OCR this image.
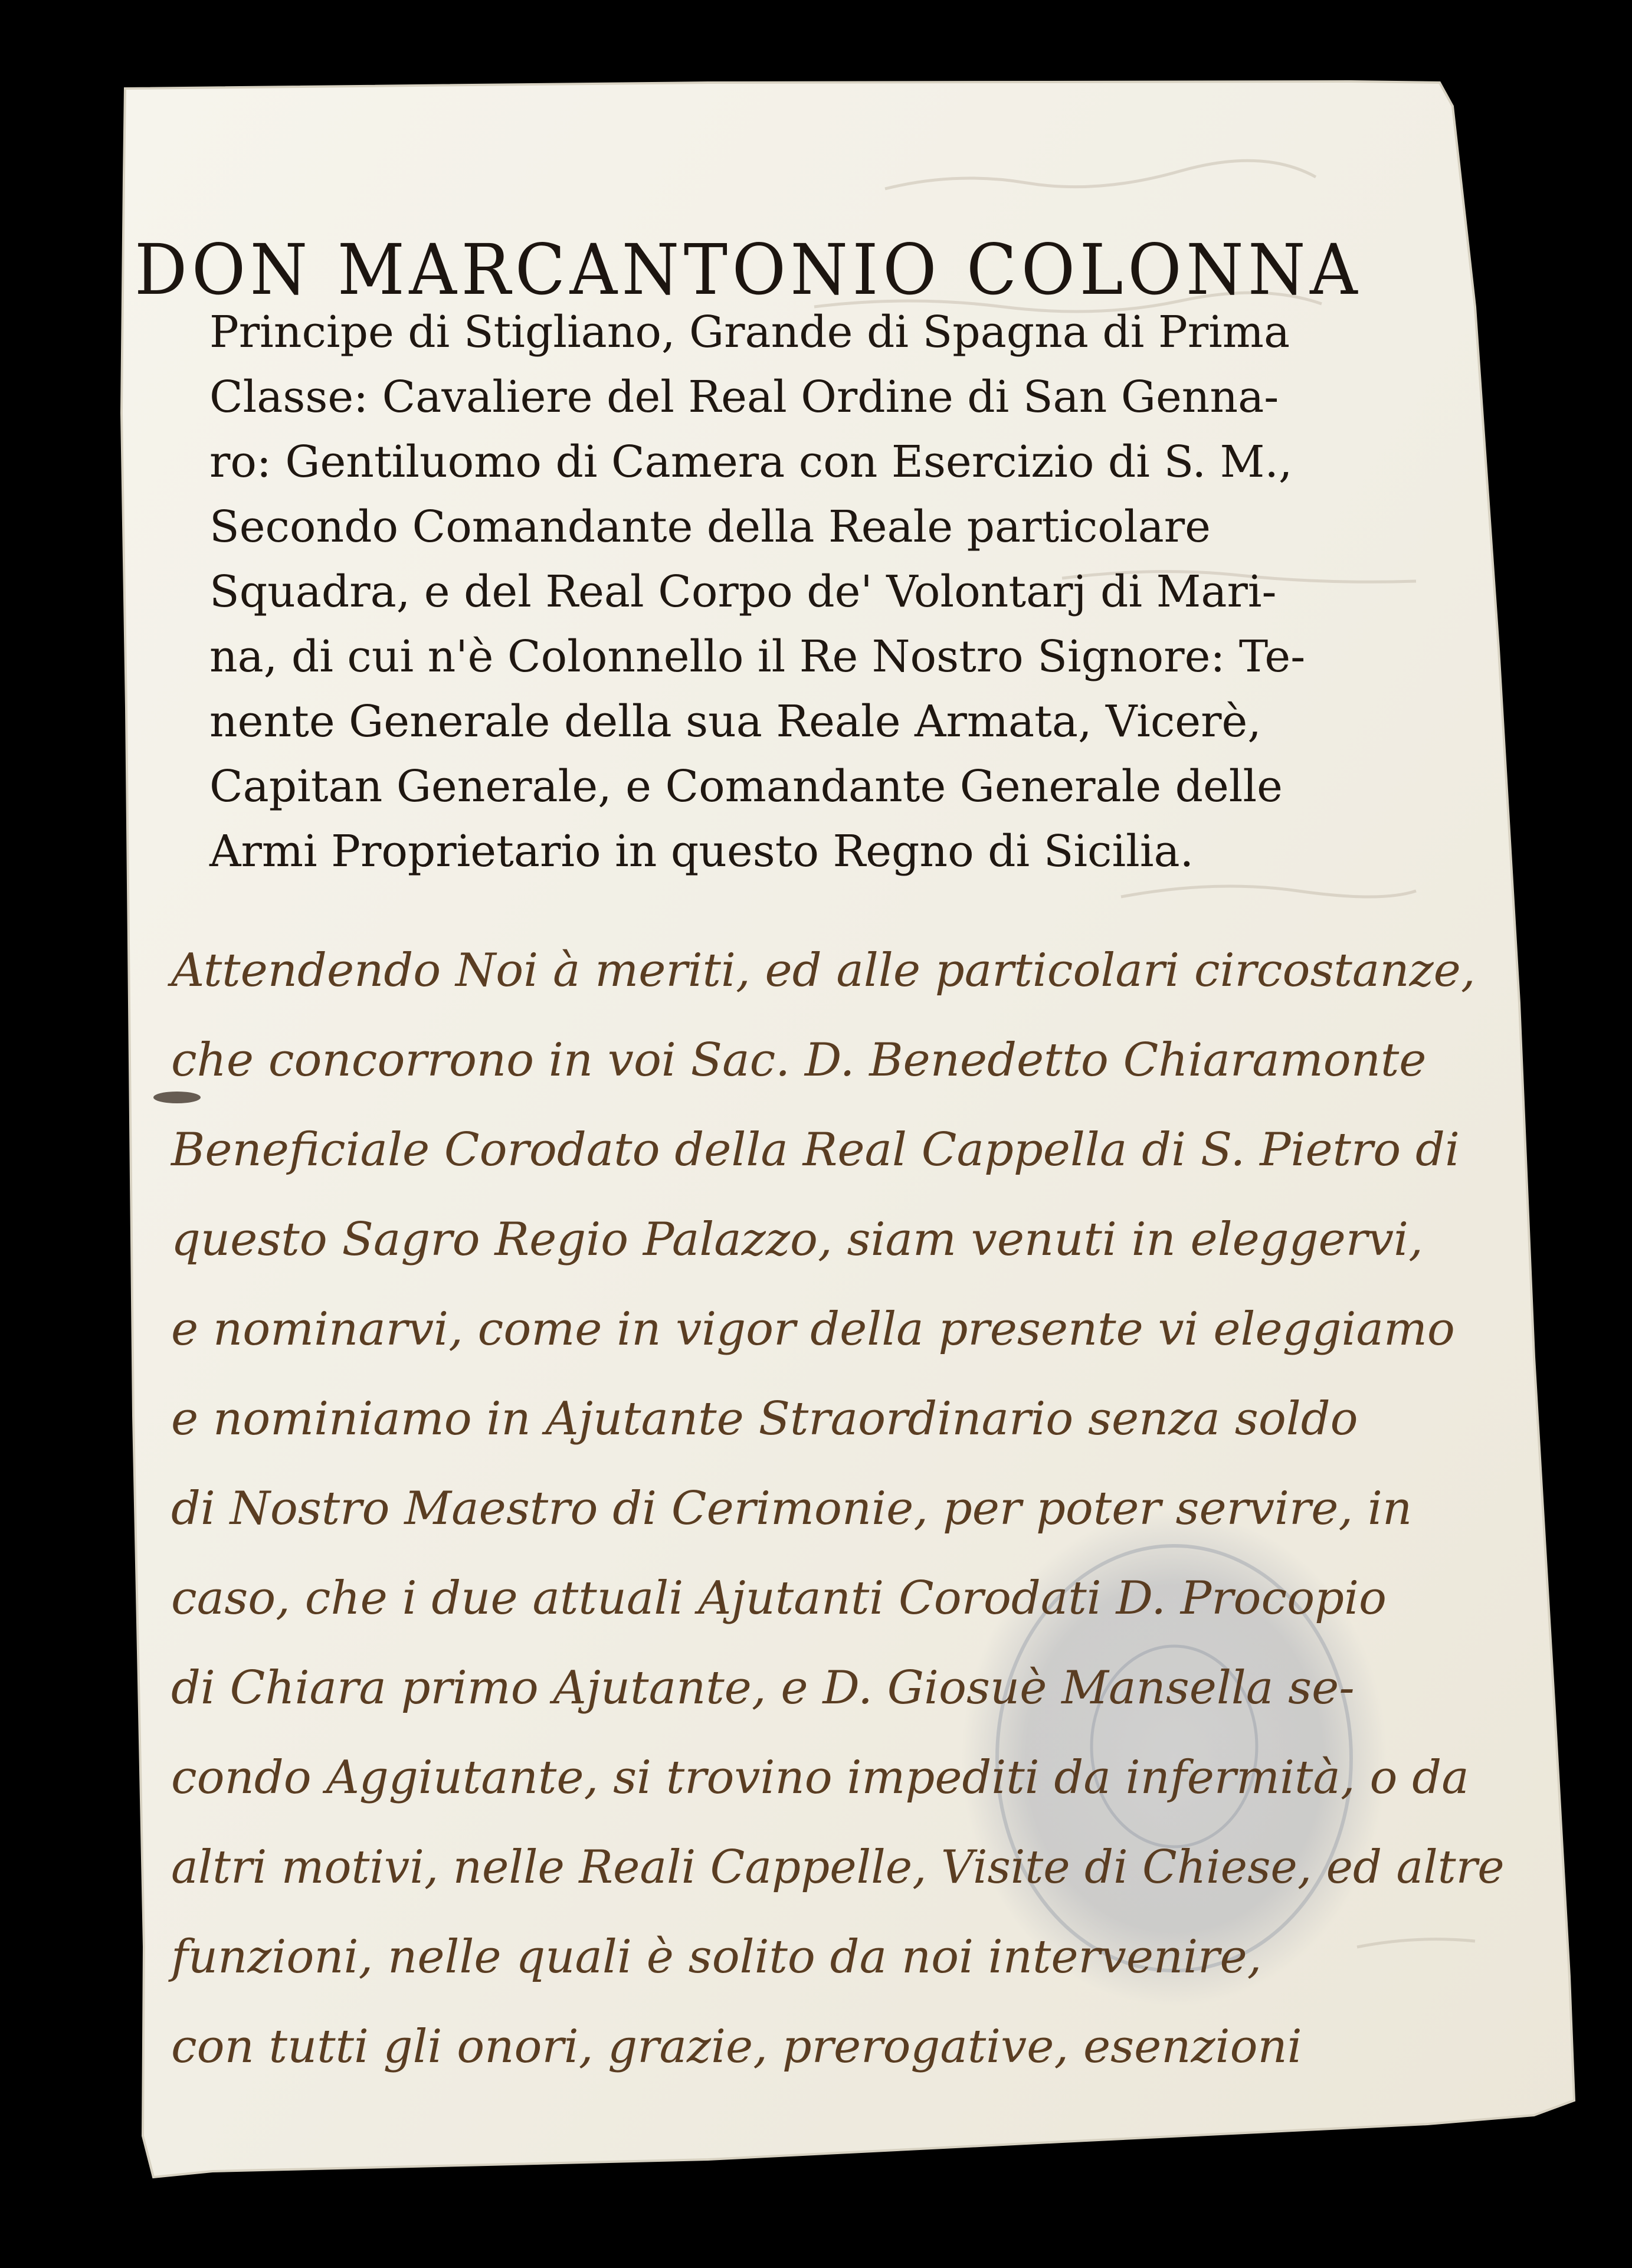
DON MARCANTONIO COLONNA
Principe di Stigliano, Grande di Spagna di Prima
Classe: Cavaliere del Real Ordine di San Genna-
ro: Gentiluomo di Camera con Esercizio di S. M.,
Secondo Comandante della Reale particolare
Squadra, e del Real Corpo de' Volontarj di Mari-
na, di cui n'è Colonnello il Re Nostro Signore: Te-
nente Generale della sua Reale Armata, Vicerè,
Capitan Generale, e Comandante Generale delle
Armi Proprietario in questo Regno di Sicilia.
Attendendo Noi à meriti, ed alle particolari circostanze,
che concorrono in voi Sac. D. Benedetto Chiaramonte
Beneficiale Corodato della Real Cappella di S. Pietro di
questo Sagro Regio Palazzo, siam venuti in eleggervi,
e nominarvi, come in vigor della presente vi eleggiamo
e nominiamo in Ajutante Straordinario senza soldo
di Nostro Maestro di Cerimonie, per poter servire, in
caso, che i due attuali Ajutanti Corodati D. Procopio
di Chiara primo Ajutante, e D. Giosuè Mansella se-
condo Aggiutante, si trovino impediti da infermità, o da
altri motivi, nelle Reali Cappelle, Visite di Chiese, ed altre
funzioni, nelle quali è solito da noi intervenire,
con tutti gli onori, grazie, prerogative, esenzioni
